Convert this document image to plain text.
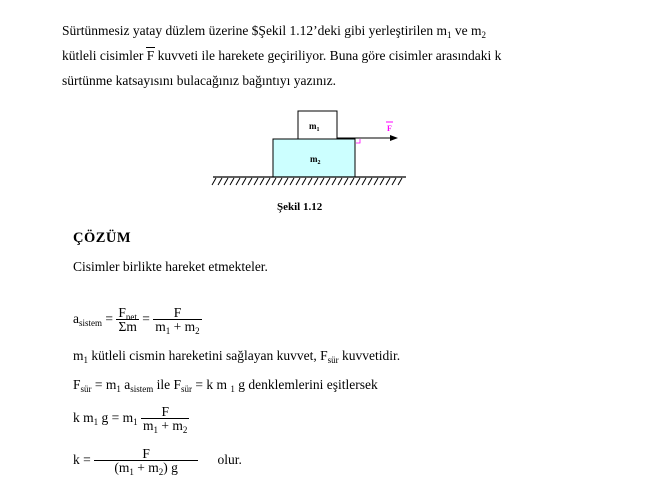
Sürtünmesiz yatay düzlem üzerine $Şekil 1.12’deki gibi yerleştirilen $m_1$ ve $m_2$
kütleli cisimler F kuvveti ile harekete geçiriliyor. Buna göre cisimler arasındaki k
sürtünme katsayısını bulacağınız bağıntıyı yazınız.
$m_1$
$m_2$
F
Şekil 1.12
ÇÖZÜM
Cisimler birlikte hareket etmekteler.
$a_{sistem} = \frac{F_{net}}{\Sigma m} = \frac{F}{m_1 + m_2}$
$m_1$ kütleli cismin hareketini sağlayan kuvvet, $F_{sür}$ kuvvetidir.
$F_{sür} = m_1$ $a_{sistem}$ ile $F_{sür} = k$ m $_1$ g denklemlerini eşitlersek
k $m_1$ $g = m_1 \frac{F}{m_1 + m_2}$
$k = \frac{F}{(m_1 + m_2) g}$ olur.
